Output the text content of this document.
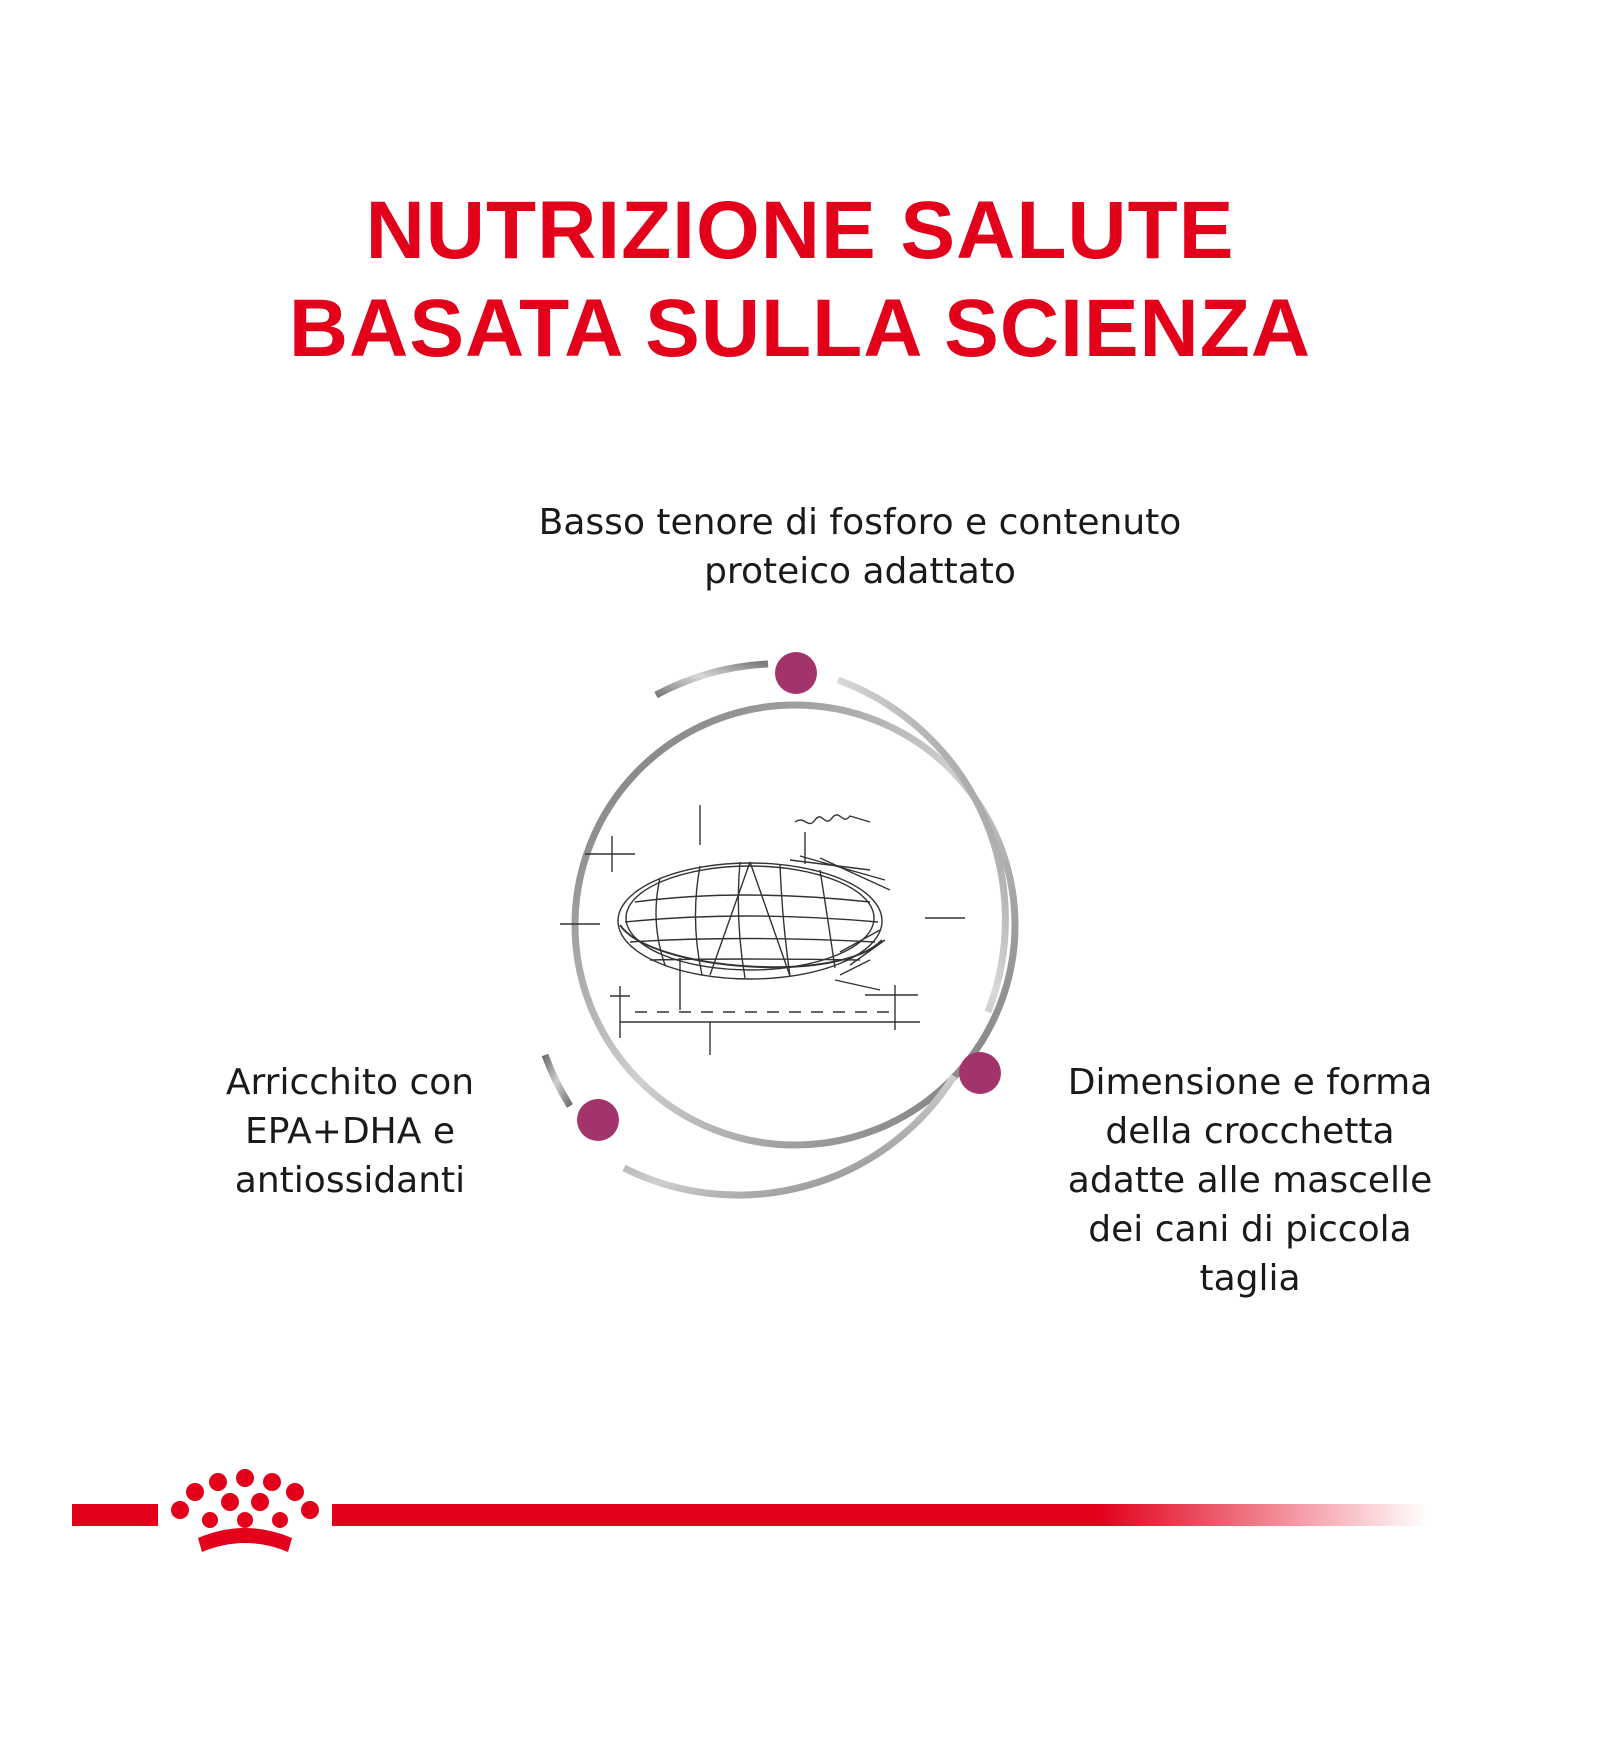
NUTRIZIONE SALUTE
BASATA SULLA SCIENZA
Basso tenore di fosforo e contenuto
proteico adattato
Arricchito con
EPA+DHA e
antiossidanti
Dimensione e forma
della crocchetta
adatte alle mascelle
dei cani di piccola
taglia
